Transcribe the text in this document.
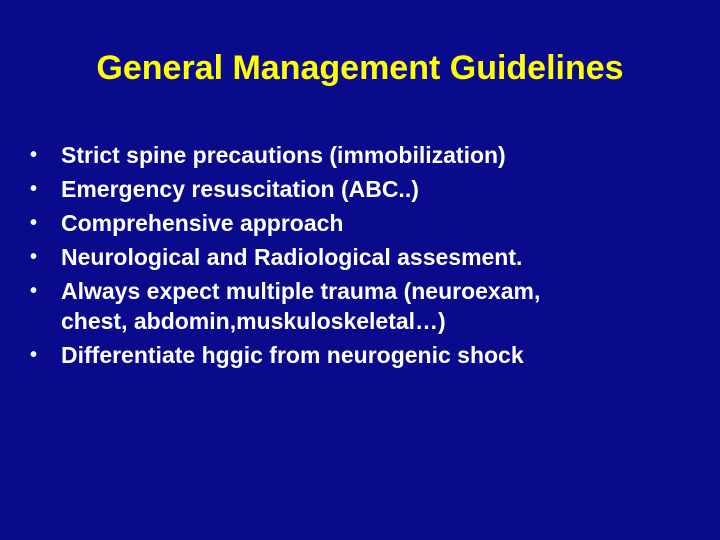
General Management Guidelines
•	Strict spine precautions (immobilization)
•	Emergency resuscitation (ABC..)
•	Comprehensive approach
•	Neurological and Radiological assesment.
•	Always expect multiple trauma (neuroexam,
chest, abdomin,muskuloskeletal…)
•	Differentiate hggic from neurogenic shock
